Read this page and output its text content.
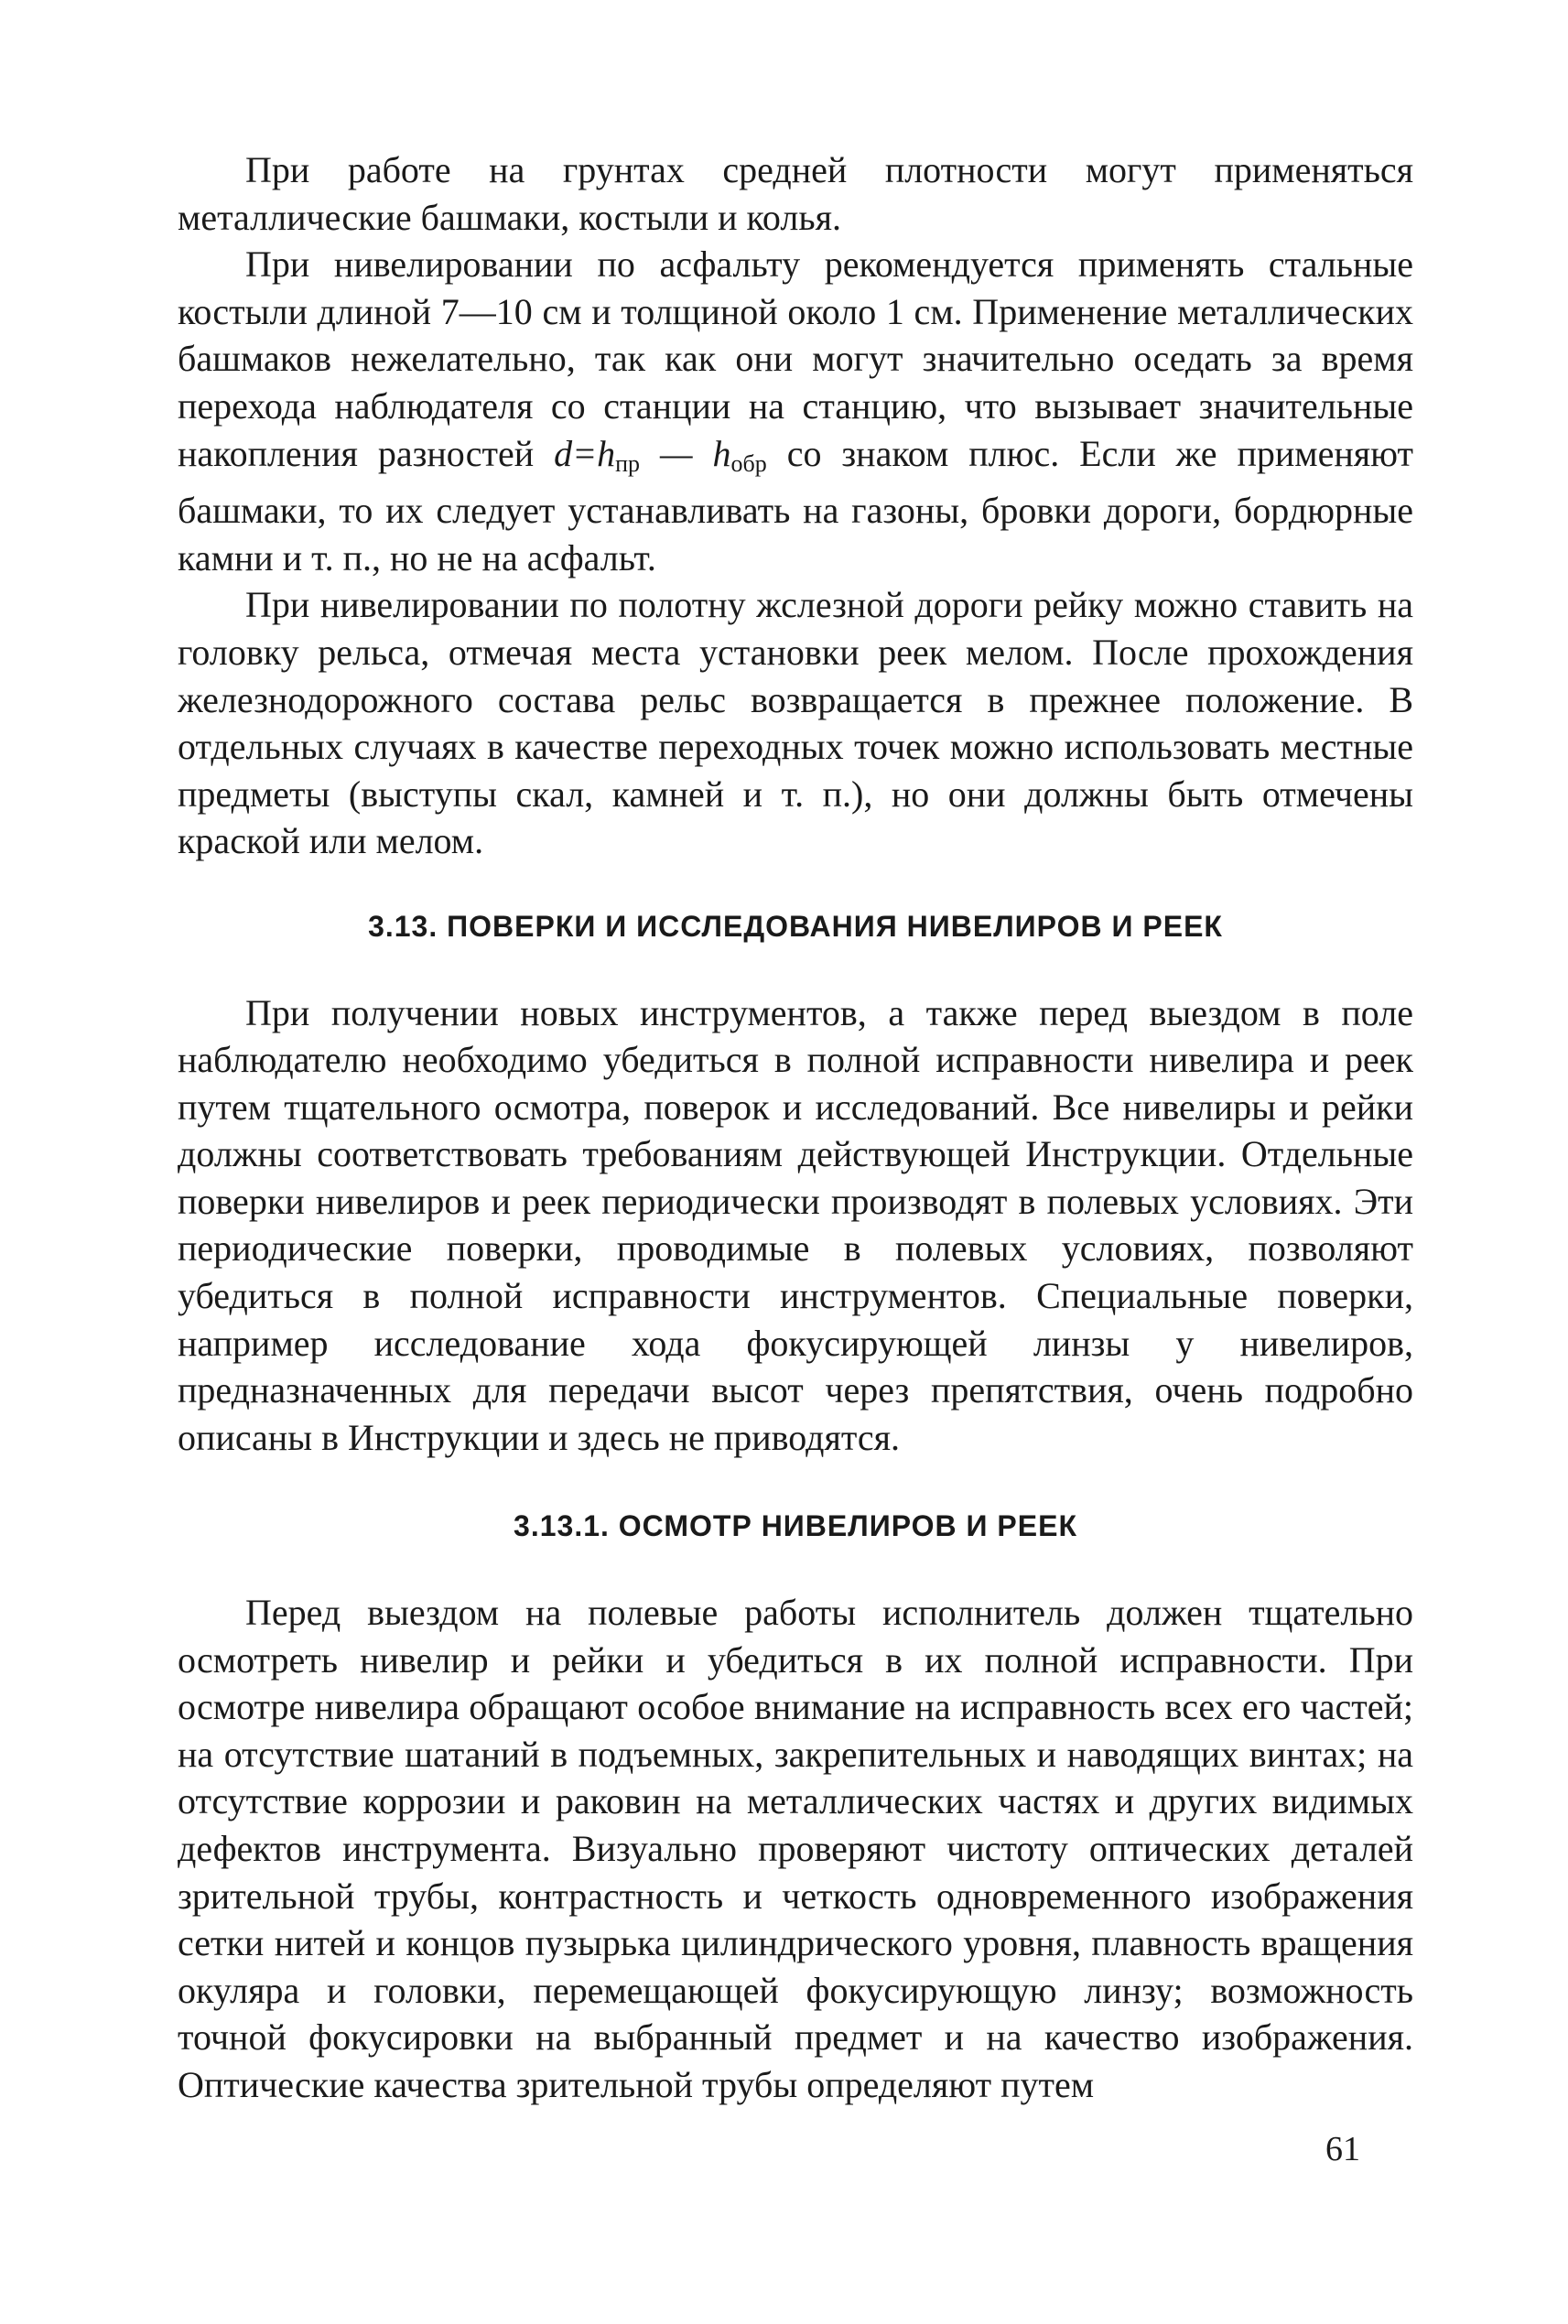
При работе на грунтах средней плотности могут применяться металлические башмаки, костыли и колья.

При нивелировании по асфальту рекомендуется применять стальные костыли длиной 7—10 см и толщиной около 1 см. Применение металлических башмаков нежелательно, так как они могут значительно оседать за время перехода наблюдателя со станции на станцию, что вызывает значительные накопления разностей $d=h_{пр}$ — $h_{обр}$ со знаком плюс. Если же применяют башмаки, то их следует устанавливать на газоны, бровки дороги, бордюрные камни и т. п., но не на асфальт.

При нивелировании по полотну жслезной дороги рейку можно ставить на головку рельса, отмечая места установки реек мелом. После прохождения железнодорожного состава рельс возвращается в прежнее положение. В отдельных случаях в качестве переходных точек можно использовать местные предметы (выступы скал, камней и т. п.), но они должны быть отмечены краской или мелом.

3.13. ПОВЕРКИ И ИССЛЕДОВАНИЯ НИВЕЛИРОВ И РЕЕК

При получении новых инструментов, а также перед выездом в поле наблюдателю необходимо убедиться в полной исправности нивелира и реек путем тщательного осмотра, поверок и исследований. Все нивелиры и рейки должны соответствовать требованиям действующей Инструкции. Отдельные поверки нивелиров и реек периодически производят в полевых условиях. Эти периодические поверки, проводимые в полевых условиях, позволяют убедиться в полной исправности инструментов. Специальные поверки, например исследование хода фокусирующей линзы у нивелиров, предназначенных для передачи высот через препятствия, очень подробно описаны в Инструкции и здесь не приводятся.

3.13.1. ОСМОТР НИВЕЛИРОВ И РЕЕК

Перед выездом на полевые работы исполнитель должен тщательно осмотреть нивелир и рейки и убедиться в их полной исправности. При осмотре нивелира обращают особое внимание на исправность всех его частей; на отсутствие шатаний в подъемных, закрепительных и наводящих винтах; на отсутствие коррозии и раковин на металлических частях и других видимых дефектов инструмента. Визуально проверяют чистоту оптических деталей зрительной трубы, контрастность и четкость одновременного изображения сетки нитей и концов пузырька цилиндрического уровня, плавность вращения окуляра и головки, перемещающей фокусирующую линзу; возможность точной фокусировки на выбранный предмет и на качество изображения. Оптические качества зрительной трубы определяют путем

61
